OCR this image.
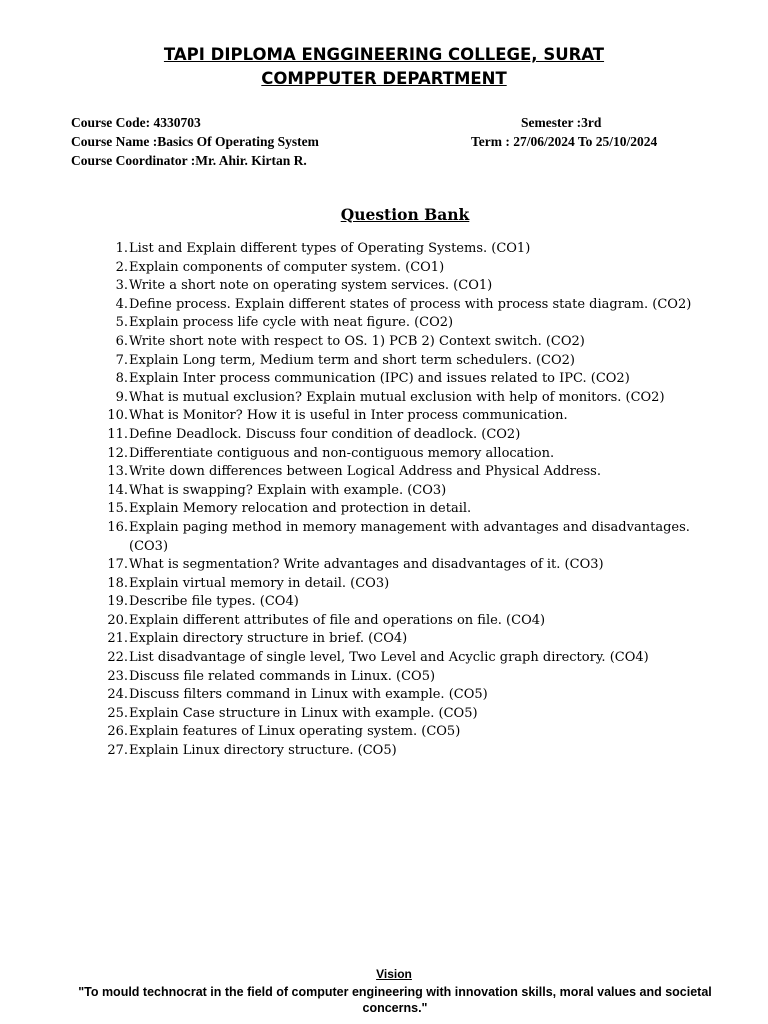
TAPI DIPLOMA ENGGINEERING COLLEGE, SURAT
COMPPUTER DEPARTMENT
Course Code: 4330703	Semester :3rd
Course Name :Basics Of Operating System	Term : 27/06/2024 To 25/10/2024
Course Coordinator :Mr. Ahir. Kirtan R.
Question Bank
1. List and Explain different types of Operating Systems. (CO1)
2. Explain components of computer system. (CO1)
3. Write a short note on operating system services. (CO1)
4. Define process. Explain different states of process with process state diagram. (CO2)
5. Explain process life cycle with neat figure. (CO2)
6. Write short note with respect to OS. 1) PCB 2) Context switch. (CO2)
7. Explain Long term, Medium term and short term schedulers. (CO2)
8. Explain Inter process communication (IPC) and issues related to IPC. (CO2)
9. What is mutual exclusion? Explain mutual exclusion with help of monitors. (CO2)
10. What is Monitor? How it is useful in Inter process communication.
11. Define Deadlock. Discuss four condition of deadlock. (CO2)
12. Differentiate contiguous and non-contiguous memory allocation.
13. Write down differences between Logical Address and Physical Address.
14. What is swapping? Explain with example. (CO3)
15. Explain Memory relocation and protection in detail.
16. Explain paging method in memory management with advantages and disadvantages. (CO3)
17. What is segmentation? Write advantages and disadvantages of it. (CO3)
18. Explain virtual memory in detail. (CO3)
19. Describe file types. (CO4)
20. Explain different attributes of file and operations on file. (CO4)
21. Explain directory structure in brief. (CO4)
22. List disadvantage of single level, Two Level and Acyclic graph directory. (CO4)
23. Discuss file related commands in Linux. (CO5)
24. Discuss filters command in Linux with example. (CO5)
25. Explain Case structure in Linux with example. (CO5)
26. Explain features of Linux operating system. (CO5)
27. Explain Linux directory structure. (CO5)
Vision
"To mould technocrat in the field of computer engineering with innovation skills, moral values and societal concerns."
